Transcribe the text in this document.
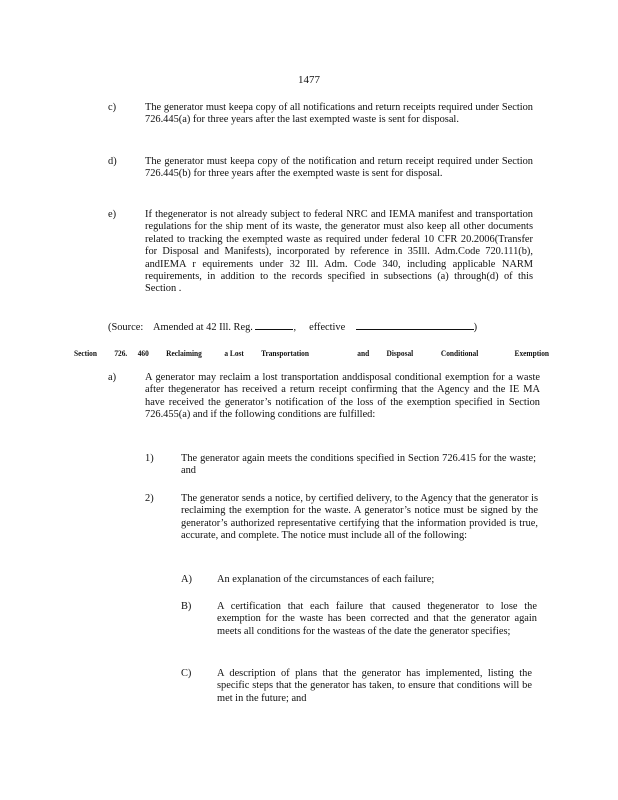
1477
c)	The generator must keepa copy of all notifications and return receipts required under Section 726.445(a) for three years after the last exempted waste is sent for disposal.
d)	The generator must keepa copy of the notification and return receipt required under Section 726.445(b) for three years after the exempted waste is sent for disposal.
e)	If thegenerator is not already subject to federal NRC and IEMA manifest and transportation regulations for the ship ment of its waste, the generator must also keep all other documents related to tracking the exempted waste as required under federal 10 CFR 20.2006(Transfer for Disposal and Manifests), incorporated by reference in 35Ill. Adm.Code 720.111(b), andIEMA r equirements under 32 Ill. Adm. Code 340, including applicable NARM requirements, in addition to the records specified in subsections (a) through(d) of this Section .
(Source: Amended at 42 Ill. Reg.	, effective	)
Section 726. 460 Reclaiming	a Lost Transportation	and Disposal	Conditional	Exemption
a)	A generator may reclaim a lost transportation anddisposal conditional exemption for a waste after thegenerator has received a return receipt confirming that the Agency and the IE MA have received the generator’s notification of the loss of the exemption specified in Section 726.455(a) and if the following conditions are fulfilled:
1)	The generator again meets the conditions specified in Section 726.415 for the waste; and
2)	The generator sends a notice, by certified delivery, to the Agency that the generator is reclaiming the exemption for the waste. A generator’s notice must be signed by the generator’s authorized representative certifying that the information provided is true, accurate, and complete. The notice must include all of the following:
A)	An explanation of the circumstances of each failure;
B)	A certification that each failure that caused thegenerator to lose the exemption for the waste has been corrected and that the generator again meets all conditions for the wasteas of the date the generator specifies;
C)	A description of plans that the generator has implemented, listing the specific steps that the generator has taken, to ensure that conditions will be met in the future; and
